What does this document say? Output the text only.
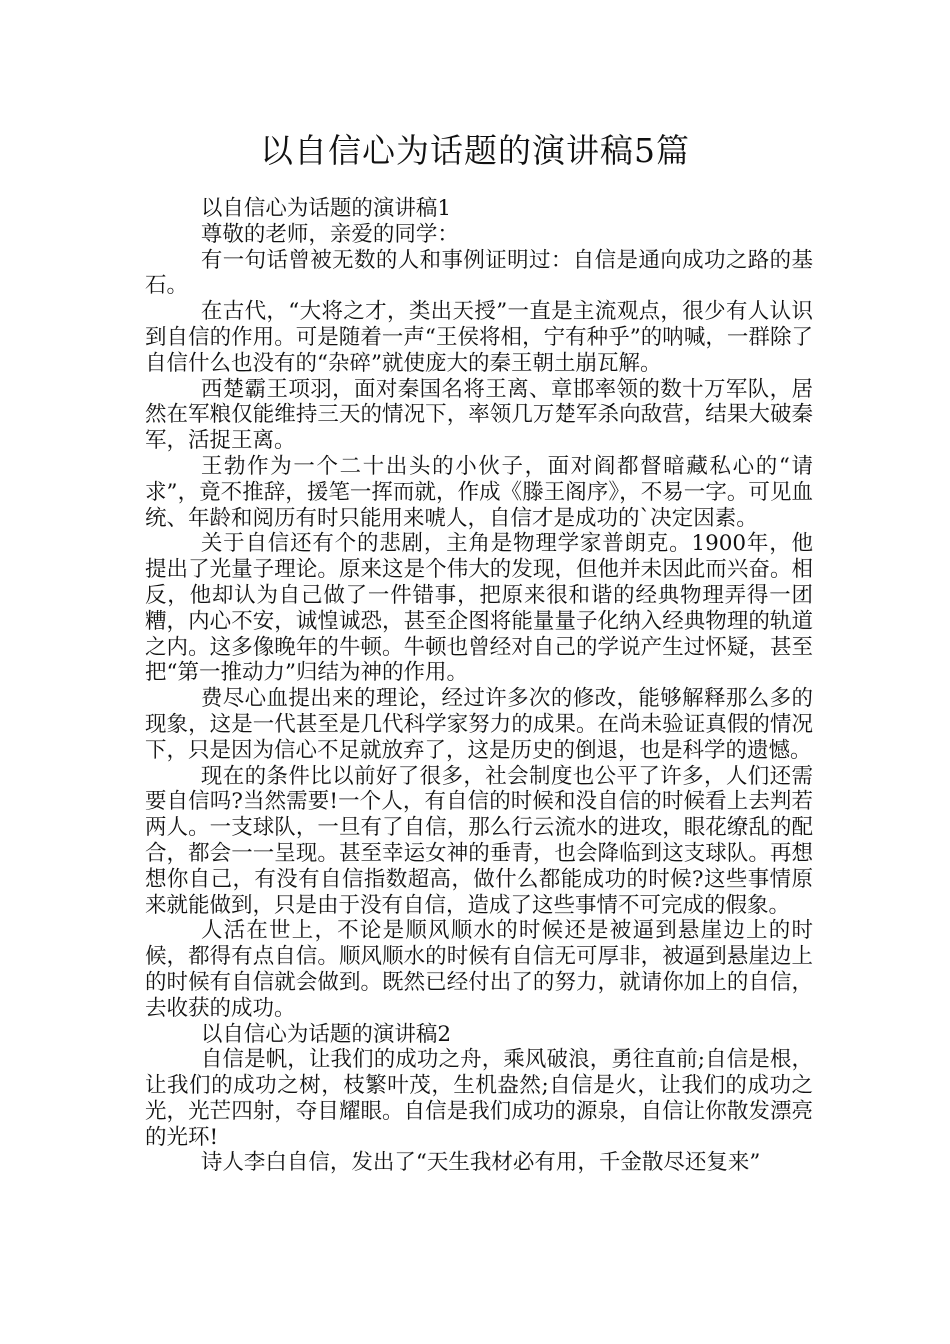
以自信心为话题的演讲稿5篇

以自信心为话题的演讲稿1

尊敬的老师，亲爱的同学：

有一句话曾被无数的人和事例证明过：自信是通向成功之路的基石。

在古代，“大将之才，类出天授”一直是主流观点，很少有人认识到自信的作用。可是随着一声“王侯将相，宁有种乎”的呐喊，一群除了自信什么也没有的“杂碎”就使庞大的秦王朝土崩瓦解。

西楚霸王项羽，面对秦国名将王离、章邯率领的数十万军队，居然在军粮仅能维持三天的情况下，率领几万楚军杀向敌营，结果大破秦军，活捉王离。

王勃作为一个二十出头的小伙子，面对阎都督暗藏私心的“请求”，竟不推辞，援笔一挥而就，作成《滕王阁序》，不易一字。可见血统、年龄和阅历有时只能用来唬人，自信才是成功的`决定因素。

关于自信还有个的悲剧，主角是物理学家普朗克。1900年，他提出了光量子理论。原来这是个伟大的发现，但他并未因此而兴奋。相反，他却认为自己做了一件错事，把原来很和谐的经典物理弄得一团糟，内心不安，诚惶诚恐，甚至企图将能量量子化纳入经典物理的轨道之内。这多像晚年的牛顿。牛顿也曾经对自己的学说产生过怀疑，甚至把“第一推动力”归结为神的作用。

费尽心血提出来的理论，经过许多次的修改，能够解释那么多的现象，这是一代甚至是几代科学家努力的成果。在尚未验证真假的情况下，只是因为信心不足就放弃了，这是历史的倒退，也是科学的遗憾。

现在的条件比以前好了很多，社会制度也公平了许多，人们还需要自信吗?当然需要!一个人，有自信的时候和没自信的时候看上去判若两人。一支球队，一旦有了自信，那么行云流水的进攻，眼花缭乱的配合，都会一一呈现。甚至幸运女神的垂青，也会降临到这支球队。再想想你自己，有没有自信指数超高，做什么都能成功的时候?这些事情原来就能做到，只是由于没有自信，造成了这些事情不可完成的假象。

人活在世上，不论是顺风顺水的时候还是被逼到悬崖边上的时候，都得有点自信。顺风顺水的时候有自信无可厚非，被逼到悬崖边上的时候有自信就会做到。既然已经付出了的努力，就请你加上的自信，去收获的成功。

以自信心为话题的演讲稿2

自信是帆，让我们的成功之舟，乘风破浪，勇往直前;自信是根，让我们的成功之树，枝繁叶茂，生机盎然;自信是火，让我们的成功之光，光芒四射，夺目耀眼。自信是我们成功的源泉，自信让你散发漂亮的光环!

诗人李白自信，发出了“天生我材必有用，千金散尽还复来”
